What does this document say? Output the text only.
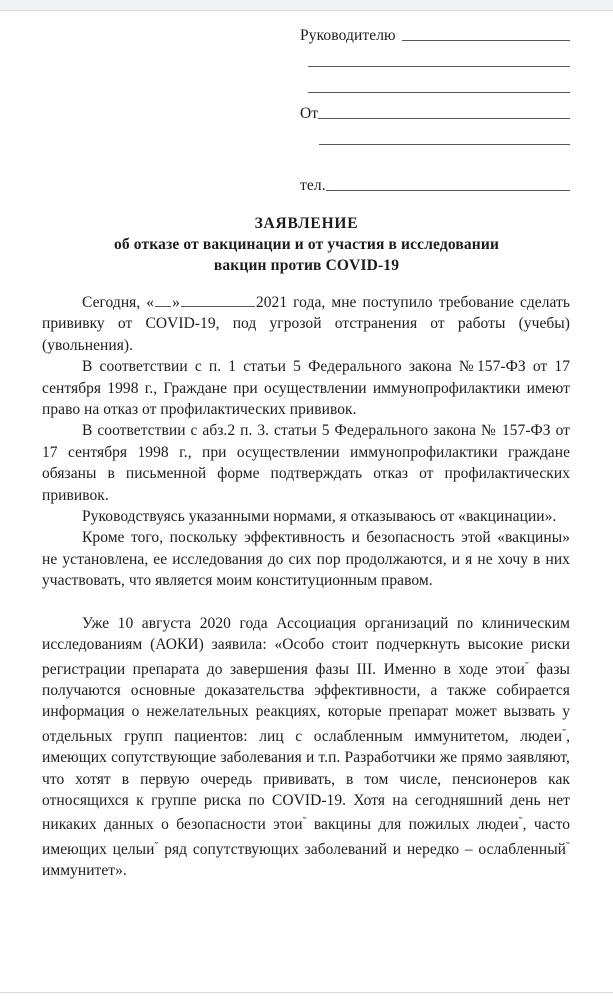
Руководителю
От
тел.
ЗАЯВЛЕНИЕ
об отказе от вакцинации и от участия в исследовании
вакцин против COVID-19

Сегодня, « »	2021 года, мне поступило требование сделать прививку от COVID-19, под угрозой отстранения от работы (учебы) (увольнения).

В соответствии с п. 1 статьи 5 Федерального закона №157-ФЗ от 17 сентября 1998 г., Граждане при осуществлении иммунопрофилактики имеют право на отказ от профилактических прививок.

В соответствии с абз.2 п. 3. статьи 5 Федерального закона № 157-ФЗ от 17 сентября 1998 г., при осуществлении иммунопрофилактики граждане обязаны в письменной форме подтверждать отказ от профилактических прививок.

Руководствуясь указанными нормами, я отказываюсь от «вакцинации».

Кроме того, поскольку эффективность и безопасность этой «вакцины» не установлена, ее исследования до сих пор продолжаются, и я не хочу в них участвовать, что является моим конституционным правом.

Уже 10 августа 2020 года Ассоциация организаций по клиническим исследованиям (АОКИ) заявила: «Особо стоит подчеркнуть высокие риски регистрации препарата до завершения фазы III. Именно в ходе этои˘ фазы получаются основные доказательства эффективности, а также собирается информация о нежелательных реакциях, которые препарат может вызвать у отдельных групп пациентов: лиц с ослабленным иммунитетом, людеи˘, имеющих сопутствующие заболевания и т.п. Разработчики же прямо заявляют, что хотят в первую очередь прививать, в том числе, пенсионеров как относящихся к группе риска по COVID-19. Хотя на сегодняшний день нет никаких данных о безопасности этои˘ вакцины для пожилых людеи˘, часто имеющих целыи˘ ряд сопутствующих заболеваний и нередко – ослабленный˘ иммунитет».
